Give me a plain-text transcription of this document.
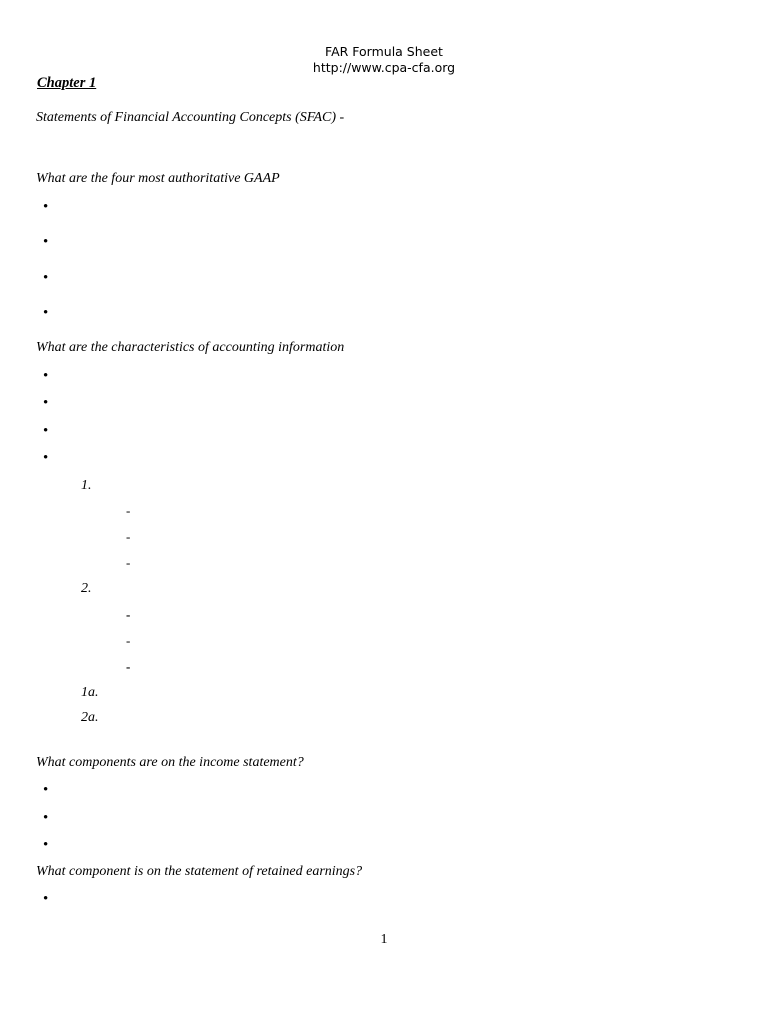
FAR Formula Sheet
http://www.cpa-cfa.org
Chapter 1
Statements of Financial Accounting Concepts (SFAC) -
What are the four most authoritative GAAP
•
•
•
•
What are the characteristics of accounting information
•
•
•
•
1.
-
-
-
2.
-
-
-
1a.
2a.
What components are on the income statement?
•
•
•
What component is on the statement of retained earnings?
•
1
